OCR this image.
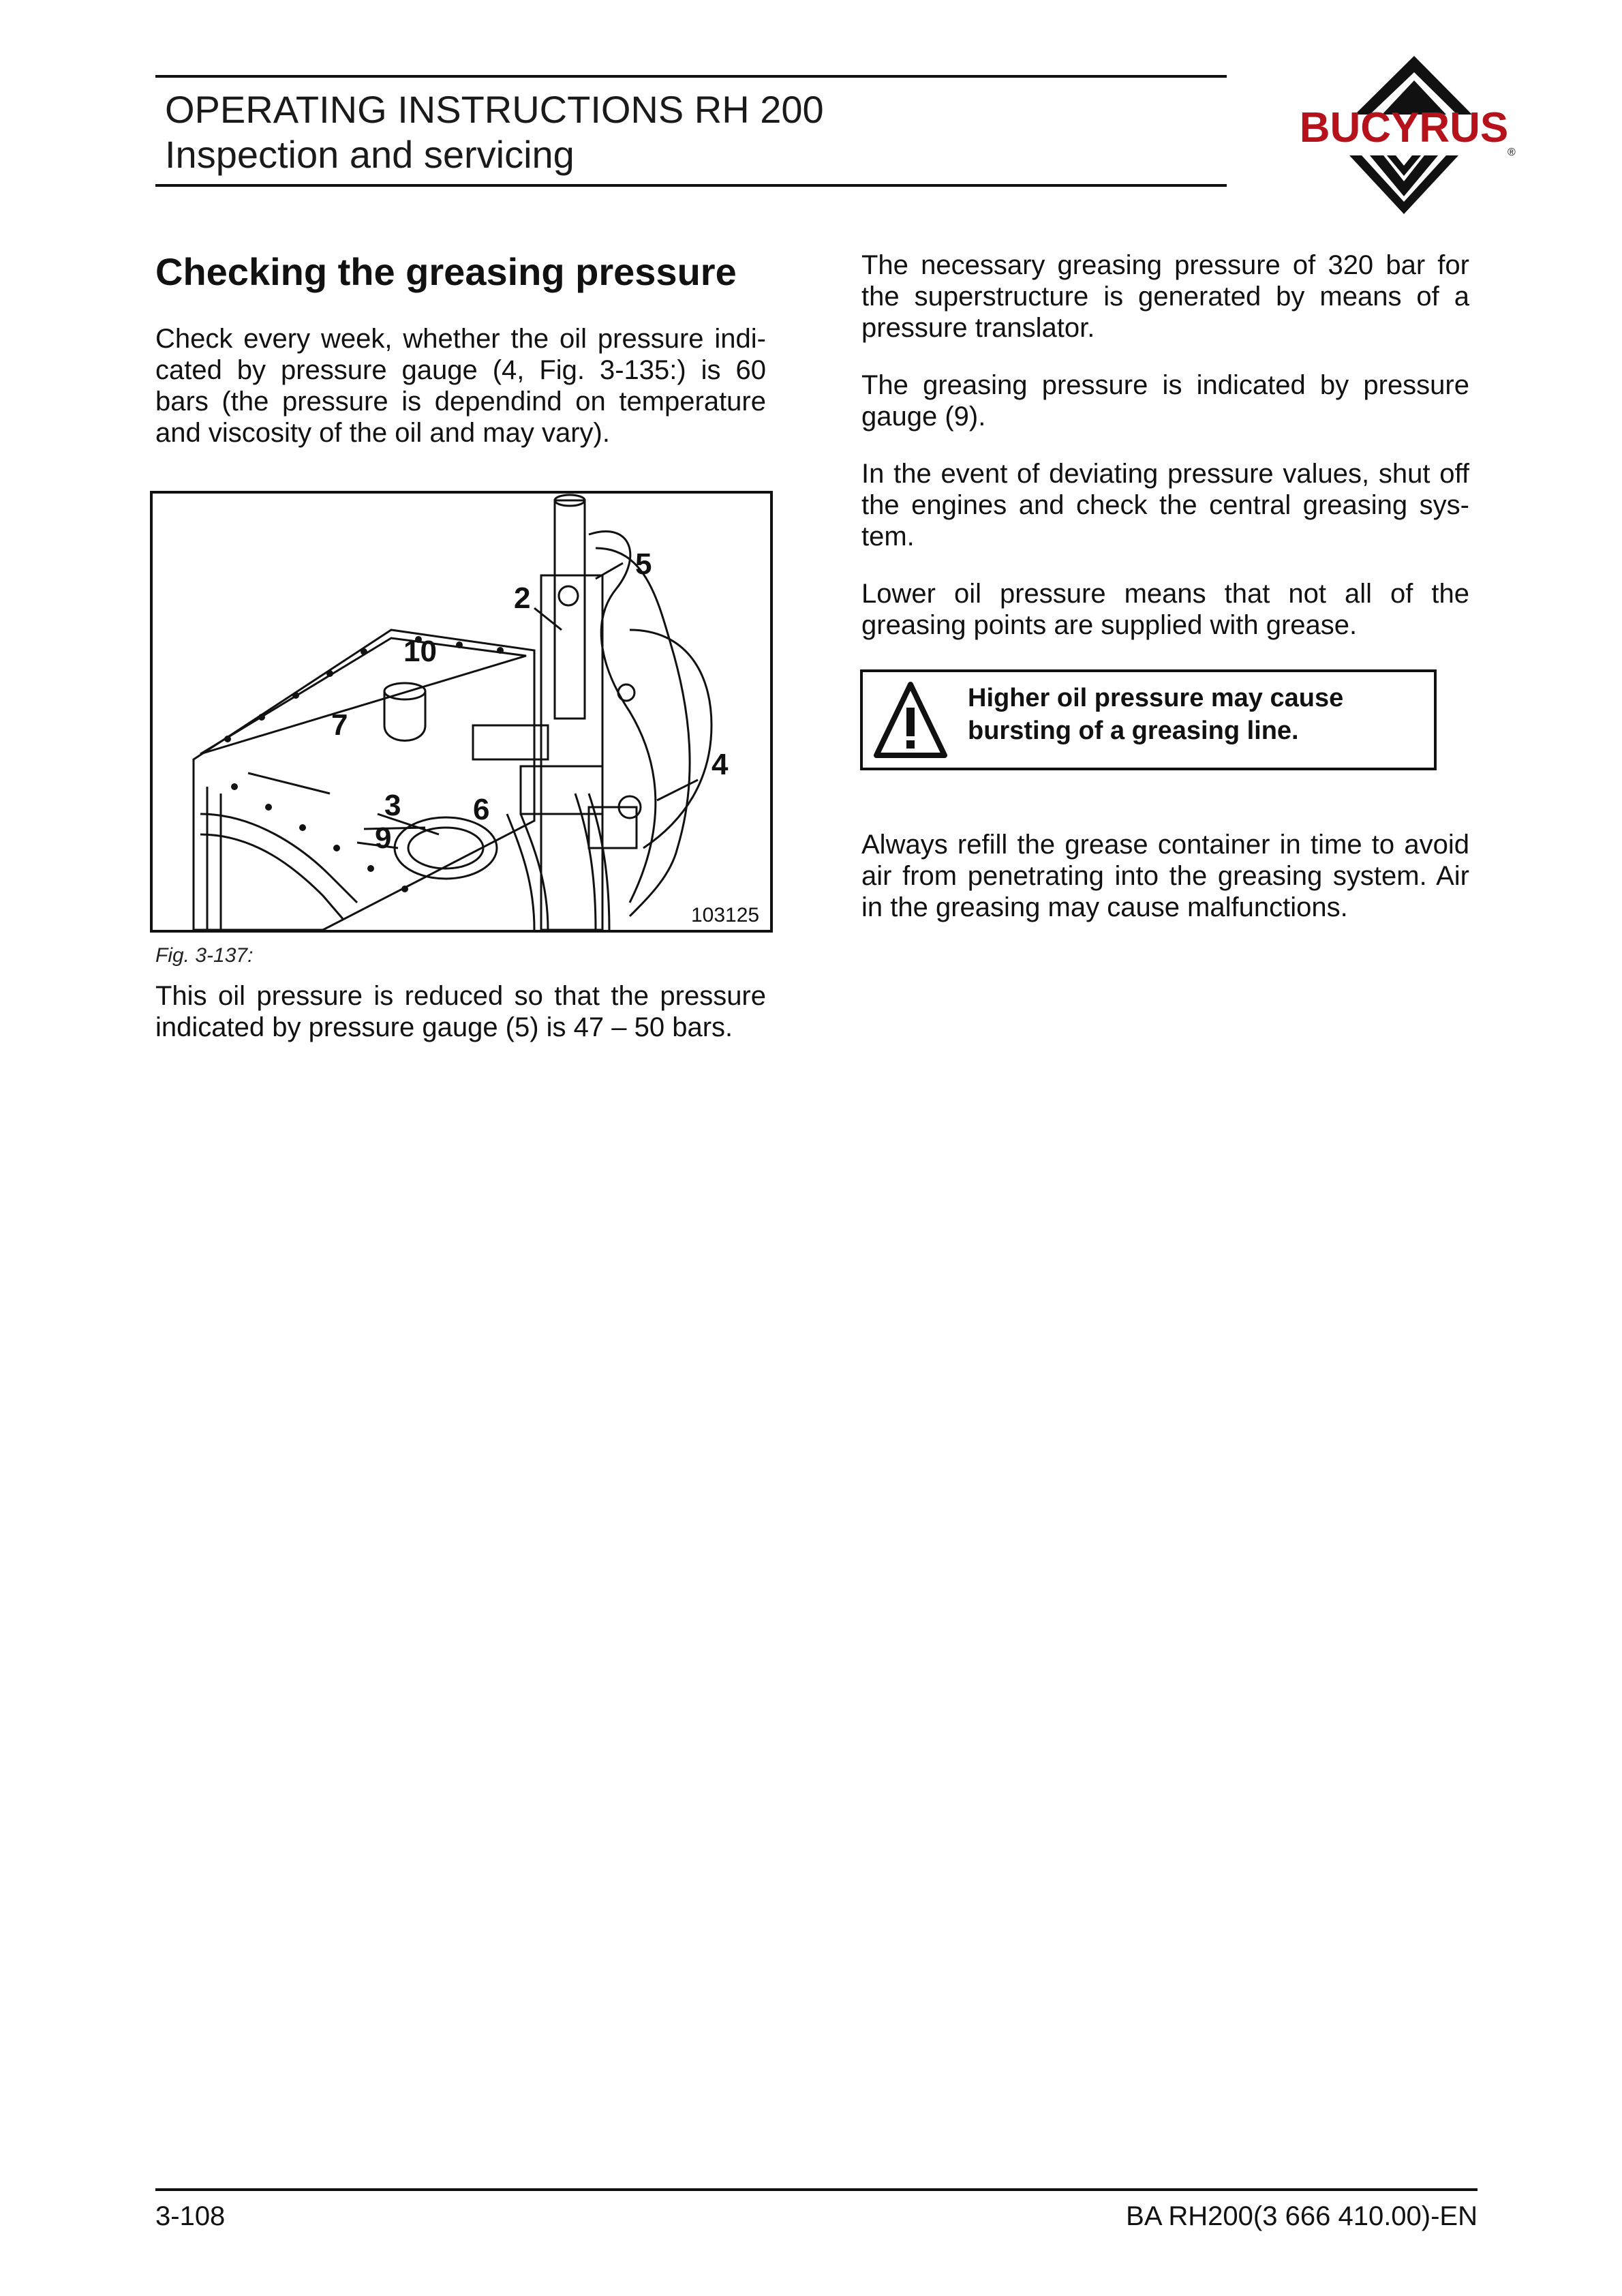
OPERATING INSTRUCTIONS RH 200
Inspection and servicing
BUCYRUS
®
Checking the greasing pressure
Check every week, whether the oil pressure indi-cated by pressure gauge (4, Fig. 3-135:) is 60 bars (the pressure is dependind on temperature and viscosity of the oil and may vary).
5
2
10
7
4
3 6
9
103125
Fig. 3-137:
This oil pressure is reduced so that the pressure indicated by pressure gauge (5) is 47 – 50 bars.
The necessary greasing pressure of 320 bar for the superstructure is generated by means of a pressure translator.
The greasing pressure is indicated by pressure gauge (9).
In the event of deviating pressure values, shut off the engines and check the central greasing sys-tem.
Lower oil pressure means that not all of the greasing points are supplied with grease.
Higher oil pressure may cause
bursting of a greasing line.
Always refill the grease container in time to avoid air from penetrating into the greasing system. Air in the greasing may cause malfunctions.
3-108	BA RH200(3 666 410.00)-EN
